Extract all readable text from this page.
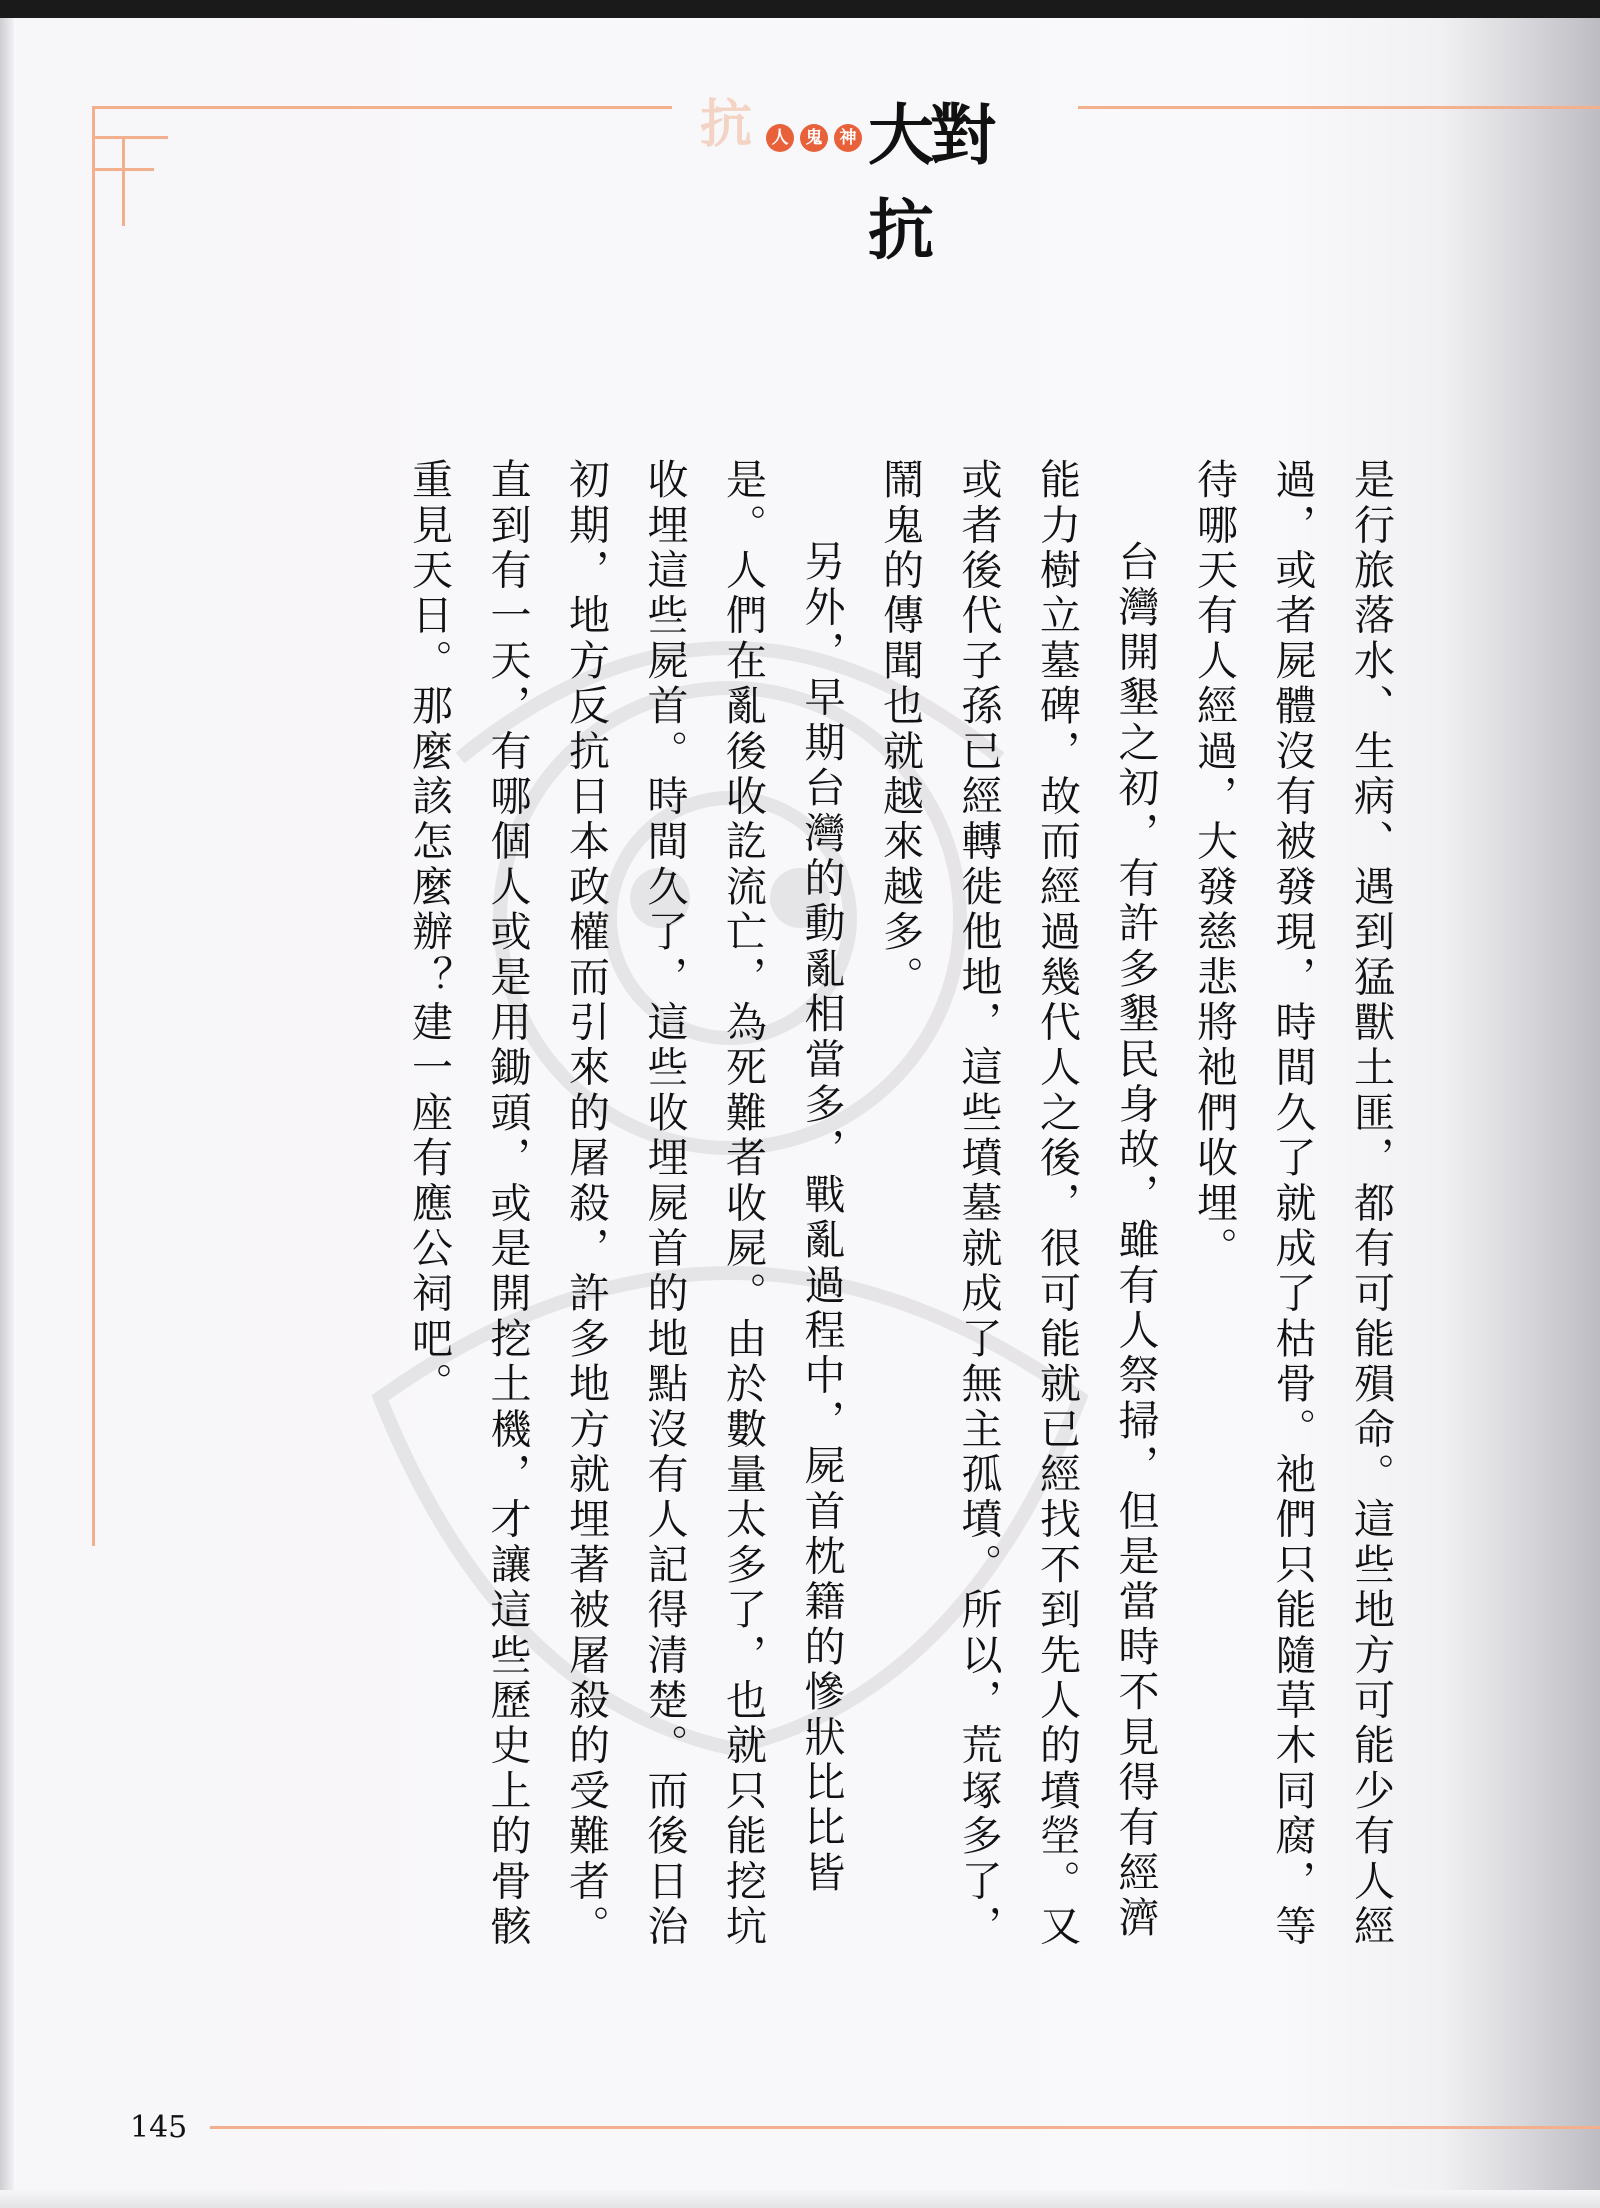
抗	人	鬼	神 大對抗

是行旅落水、生病、遇到猛獸土匪，都有可能殞命。這些地方可能少有人經過，或者屍體沒有被發現，時間久了就成了枯骨。祂們只能隨草木同腐，等待哪天有人經過，大發慈悲將祂們收埋。

台灣開墾之初，有許多墾民身故，雖有人祭掃，但是當時不見得有經濟能力樹立墓碑，故而經過幾代人之後，很可能就已經找不到先人的墳塋。又或者後代子孫已經轉徙他地，這些墳墓就成了無主孤墳。所以，荒塚多了，鬧鬼的傳聞也就越來越多。

另外，早期台灣的動亂相當多，戰亂過程中，屍首枕籍的慘狀比比皆是。人們在亂後收訖流亡，為死難者收屍。由於數量太多了，也就只能挖坑收埋這些屍首。時間久了，這些收埋屍首的地點沒有人記得清楚。而後日治初期，地方反抗日本政權而引來的屠殺，許多地方就埋著被屠殺的受難者。直到有一天，有哪個人或是用鋤頭，或是開挖土機，才讓這些歷史上的骨骸重見天日。那麼該怎麼辦？建一座有應公祠吧。

145
